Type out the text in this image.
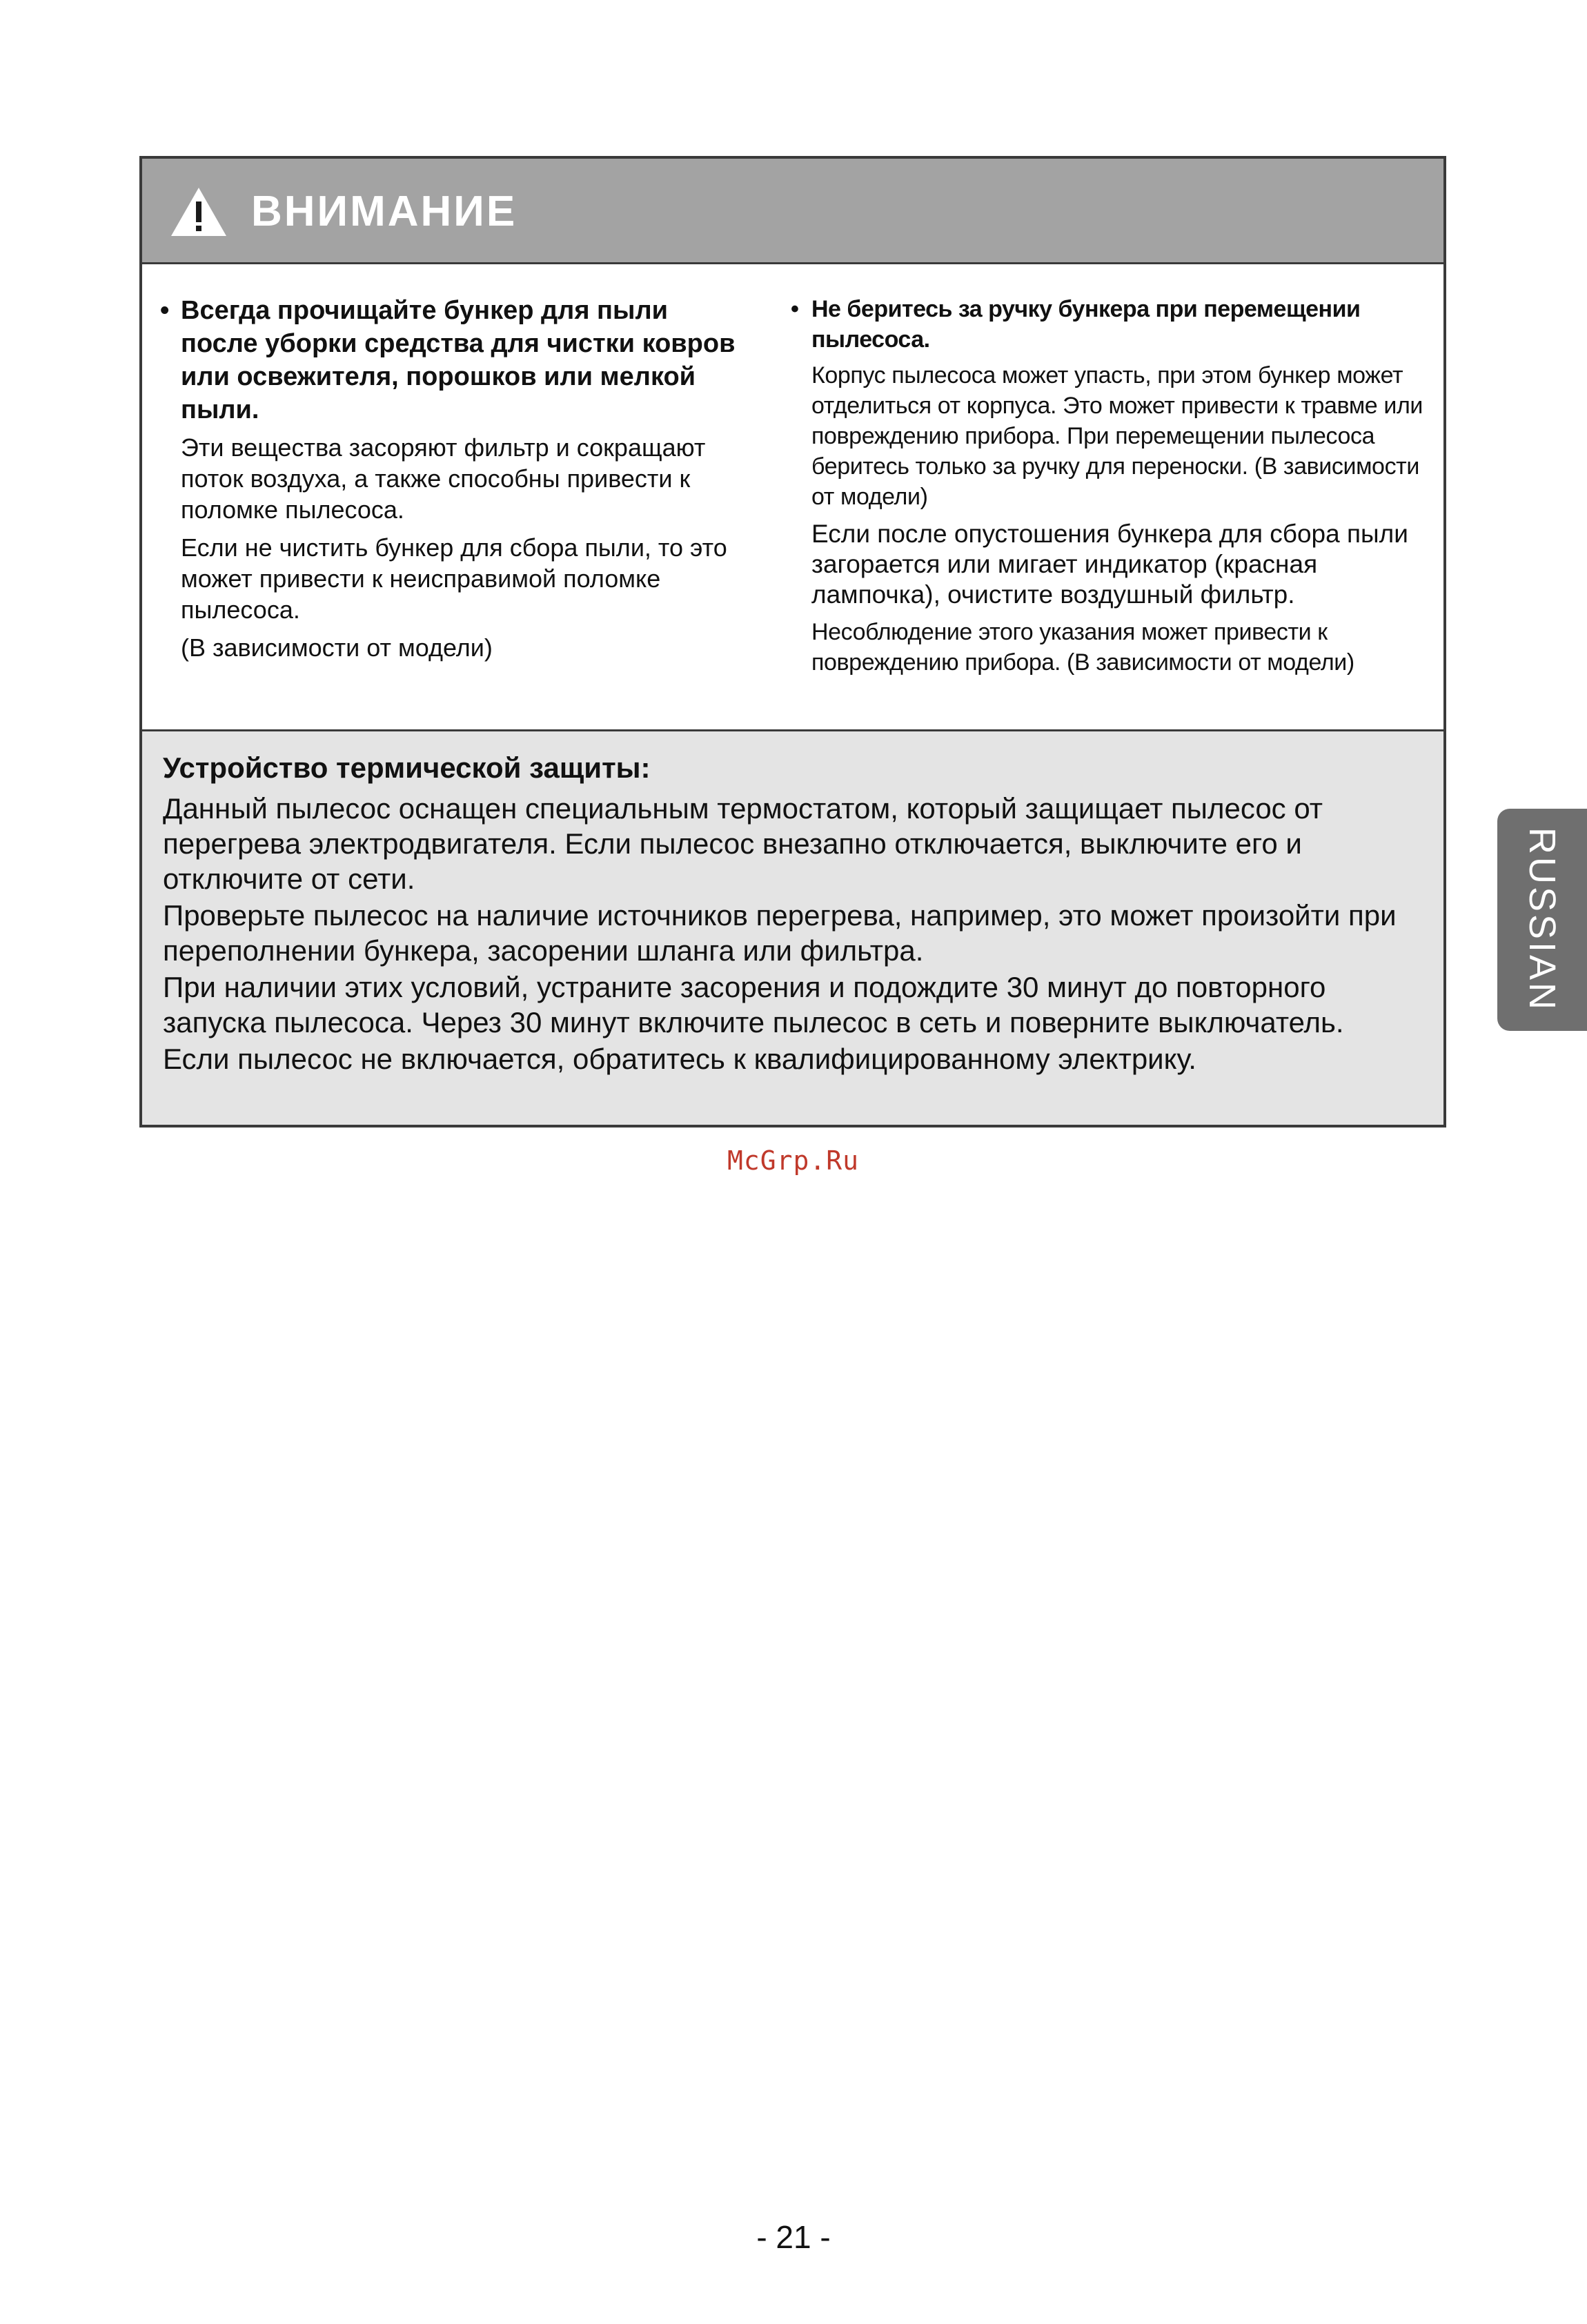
ВНИМАНИЕ

• Всегда прочищайте бункер для пыли после уборки средства для чистки ковров или освежителя, порошков или мелкой пыли.

Эти вещества засоряют фильтр и сокращают поток воздуха, а также способны привести к поломке пылесоса.

Если не чистить бункер для сбора пыли, то это может привести к неисправимой поломке пылесоса.

(В зависимости от модели)

• Не беритесь за ручку бункера при перемещении пылесоса.

Корпус пылесоса может упасть, при этом бункер может отделиться от корпуса. Это может привести к травме или повреждению прибора. При перемещении пылесоса беритесь только за ручку для переноски. (В зависимости от модели)

Если после опустошения бункера для сбора пыли загорается или мигает индикатор (красная лампочка), очистите воздушный фильтр.

Несоблюдение этого указания может привести к повреждению прибора. (В зависимости от модели)

Устройство термической защиты:

Данный пылесос оснащен специальным термостатом, который защищает пылесос от перегрева электродвигателя. Если пылесос внезапно отключается, выключите его и отключите от сети.

Проверьте пылесос на наличие источников перегрева, например, это может произойти при переполнении бункера, засорении шланга или фильтра.

При наличии этих условий, устраните засорения и подождите 30 минут до повторного запуска пылесоса. Через 30 минут включите пылесос в сеть и поверните выключатель.

Если пылесос не включается, обратитесь к квалифицированному электрику.

McGrp.Ru
RUSSIAN
- 21 -
